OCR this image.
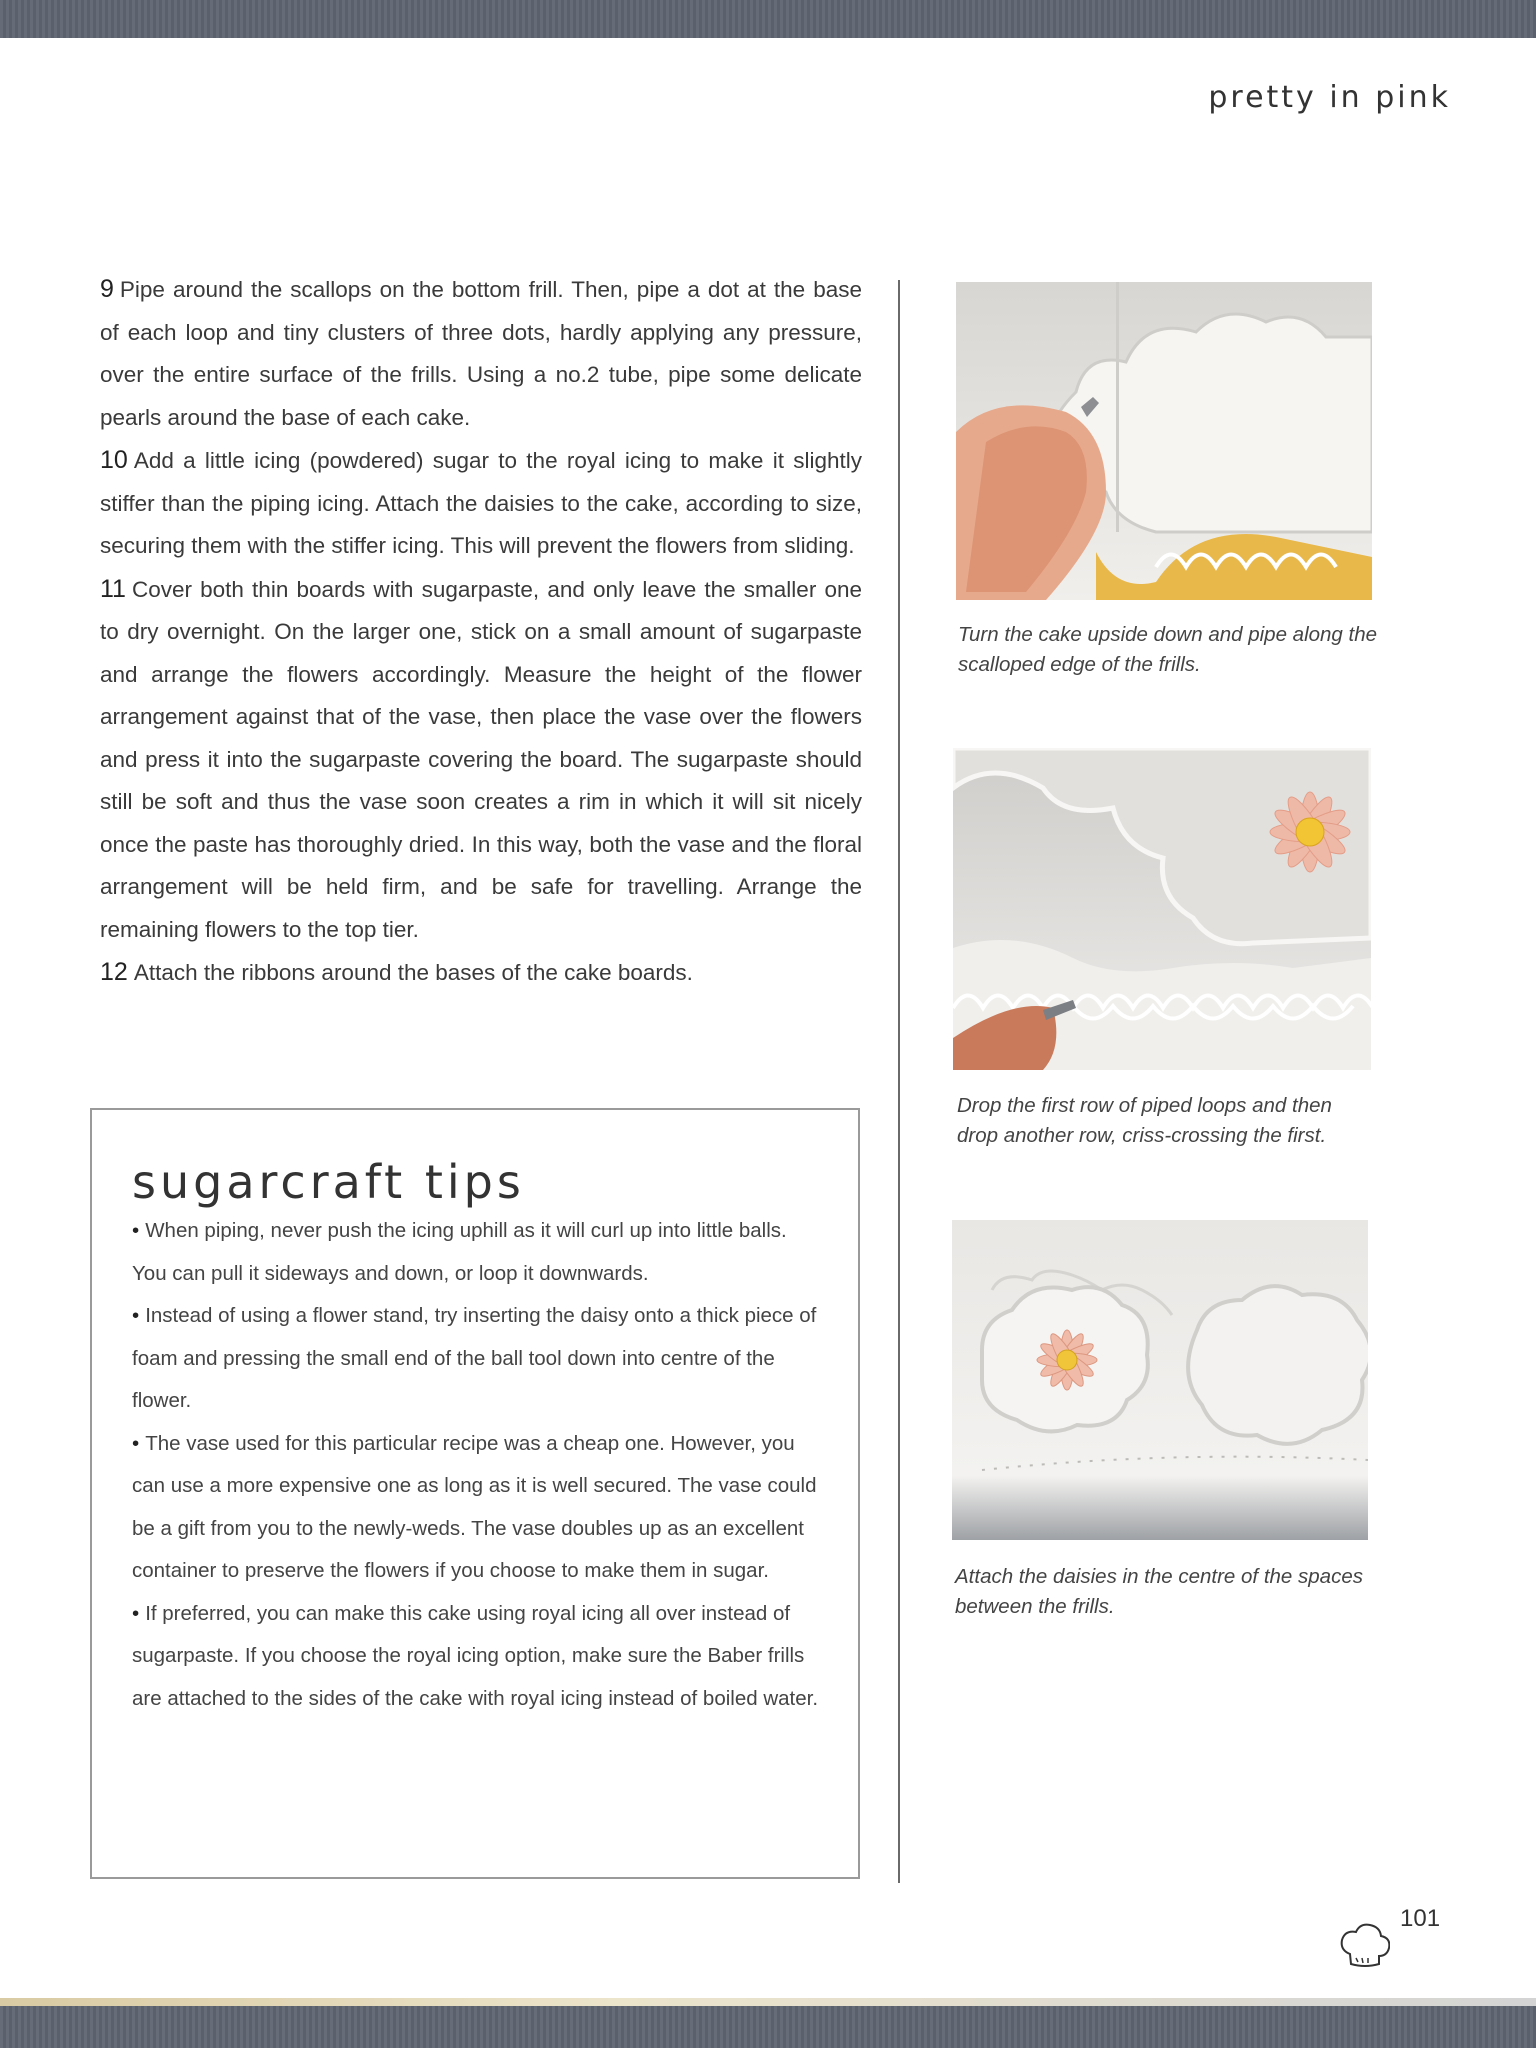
pretty in pink

9 Pipe around the scallops on the bottom frill. Then, pipe a dot at the base of each loop and tiny clusters of three dots, hardly applying any pressure, over the entire surface of the frills. Using a no.2 tube, pipe some delicate pearls around the base of each cake.

10 Add a little icing (powdered) sugar to the royal icing to make it slightly stiffer than the piping icing. Attach the daisies to the cake, according to size, securing them with the stiffer icing. This will prevent the flowers from sliding.

11 Cover both thin boards with sugarpaste, and only leave the smaller one to dry overnight. On the larger one, stick on a small amount of sugarpaste and arrange the flowers accordingly. Measure the height of the flower arrangement against that of the vase, then place the vase over the flowers and press it into the sugarpaste covering the board. The sugarpaste should still be soft and thus the vase soon creates a rim in which it will sit nicely once the paste has thoroughly dried. In this way, both the vase and the floral arrangement will be held firm, and be safe for travelling. Arrange the remaining flowers to the top tier.

12 Attach the ribbons around the bases of the cake boards.

sugarcraft tips
• When piping, never push the icing uphill as it will curl up into little balls. You can pull it sideways and down, or loop it downwards.
• Instead of using a flower stand, try inserting the daisy onto a thick piece of foam and pressing the small end of the ball tool down into centre of the flower.
• The vase used for this particular recipe was a cheap one. However, you can use a more expensive one as long as it is well secured. The vase could be a gift from you to the newly-weds. The vase doubles up as an excellent container to preserve the flowers if you choose to make them in sugar.
• If preferred, you can make this cake using royal icing all over instead of sugarpaste. If you choose the royal icing option, make sure the Baber frills are attached to the sides of the cake with royal icing instead of boiled water.

Turn the cake upside down and pipe along the scalloped edge of the frills.

Drop the first row of piped loops and then drop another row, criss-crossing the first.

Attach the daisies in the centre of the spaces between the frills.

101
